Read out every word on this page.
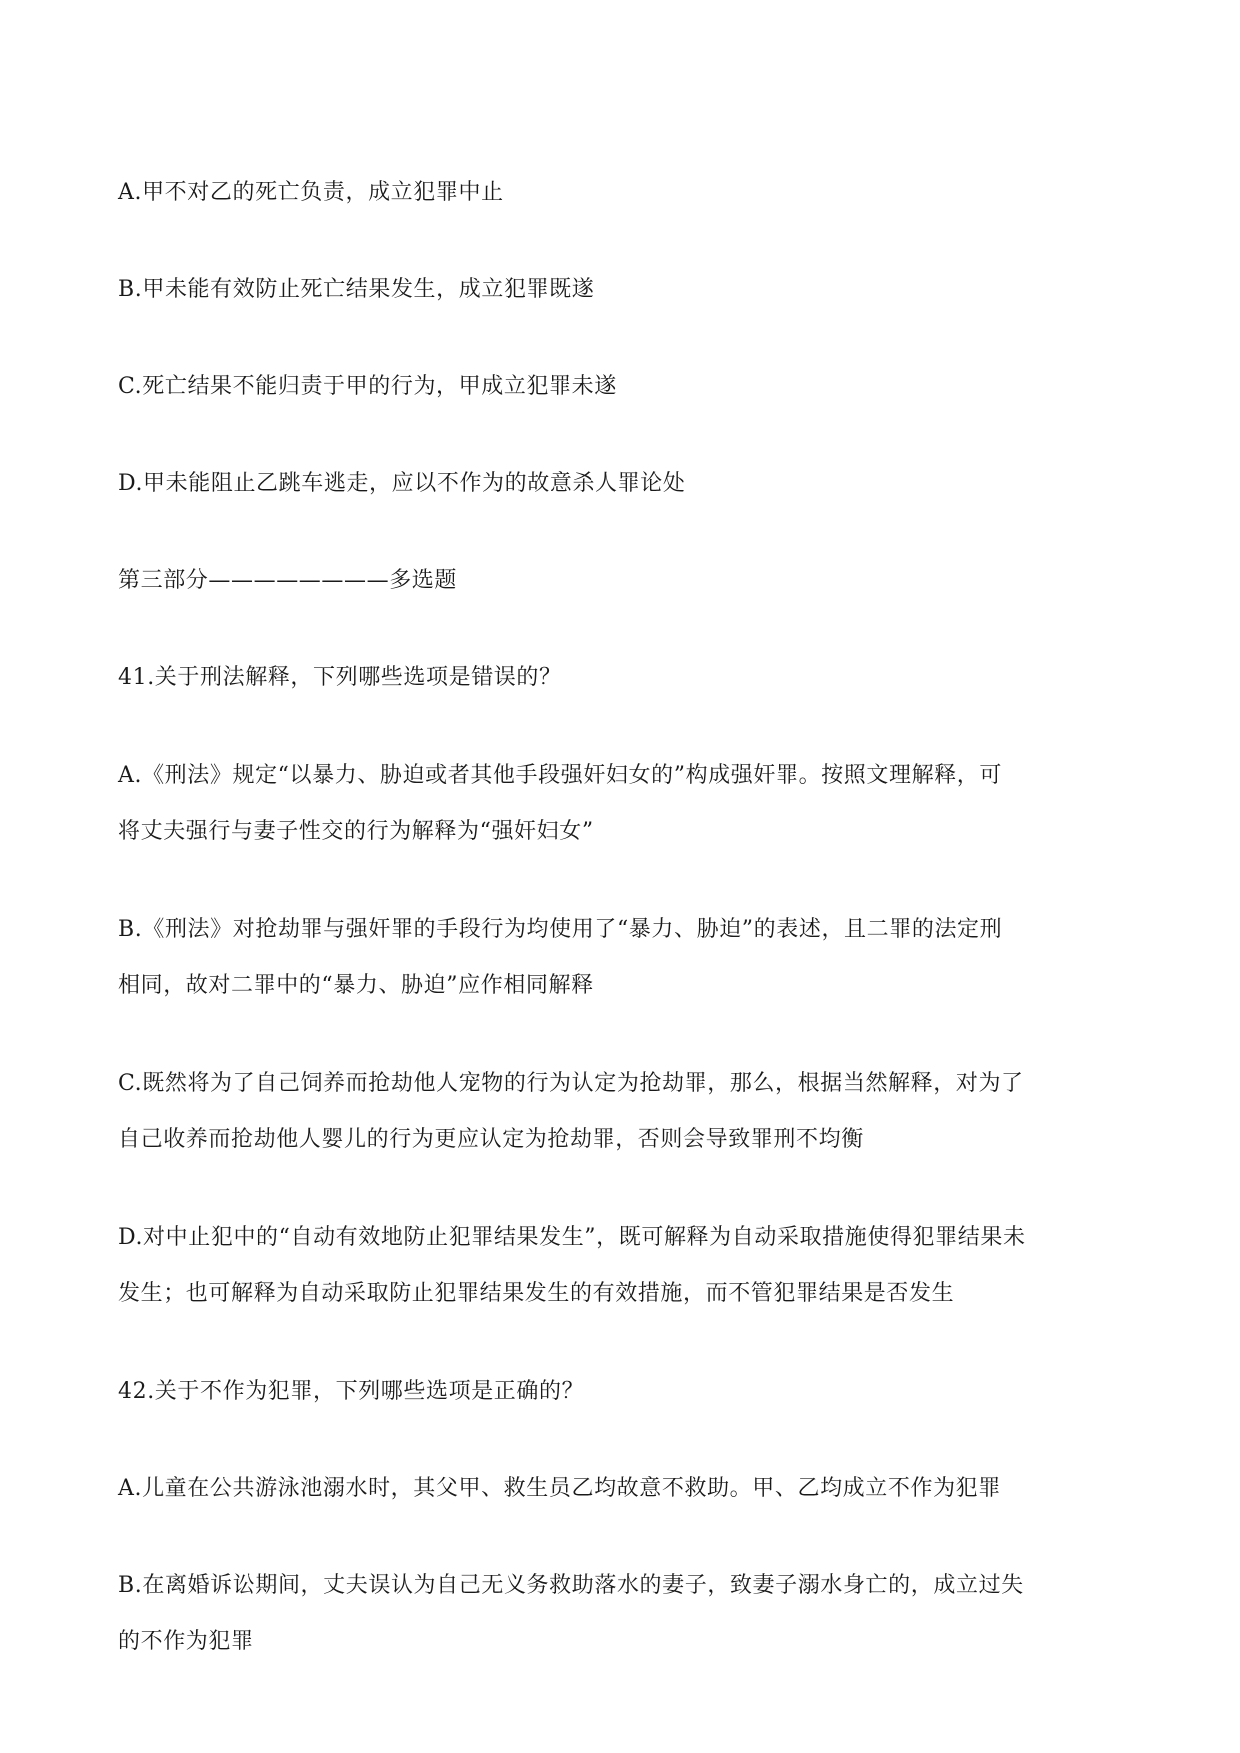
A.甲不对乙的死亡负责，成立犯罪中止
B.甲未能有效防止死亡结果发生，成立犯罪既遂
C.死亡结果不能归责于甲的行为，甲成立犯罪未遂
D.甲未能阻止乙跳车逃走，应以不作为的故意杀人罪论处
第三部分————————多选题
41.关于刑法解释，下列哪些选项是错误的？
A.《刑法》规定“以暴力、胁迫或者其他手段强奸妇女的”构成强奸罪。按照文理解释，可
将丈夫强行与妻子性交的行为解释为“强奸妇女”
B.《刑法》对抢劫罪与强奸罪的手段行为均使用了“暴力、胁迫”的表述，且二罪的法定刑
相同，故对二罪中的“暴力、胁迫”应作相同解释
C.既然将为了自己饲养而抢劫他人宠物的行为认定为抢劫罪，那么，根据当然解释，对为了
自己收养而抢劫他人婴儿的行为更应认定为抢劫罪，否则会导致罪刑不均衡
D.对中止犯中的“自动有效地防止犯罪结果发生”，既可解释为自动采取措施使得犯罪结果未
发生；也可解释为自动采取防止犯罪结果发生的有效措施，而不管犯罪结果是否发生
42.关于不作为犯罪，下列哪些选项是正确的？
A.儿童在公共游泳池溺水时，其父甲、救生员乙均故意不救助。甲、乙均成立不作为犯罪
B.在离婚诉讼期间，丈夫误认为自己无义务救助落水的妻子，致妻子溺水身亡的，成立过失
的不作为犯罪
